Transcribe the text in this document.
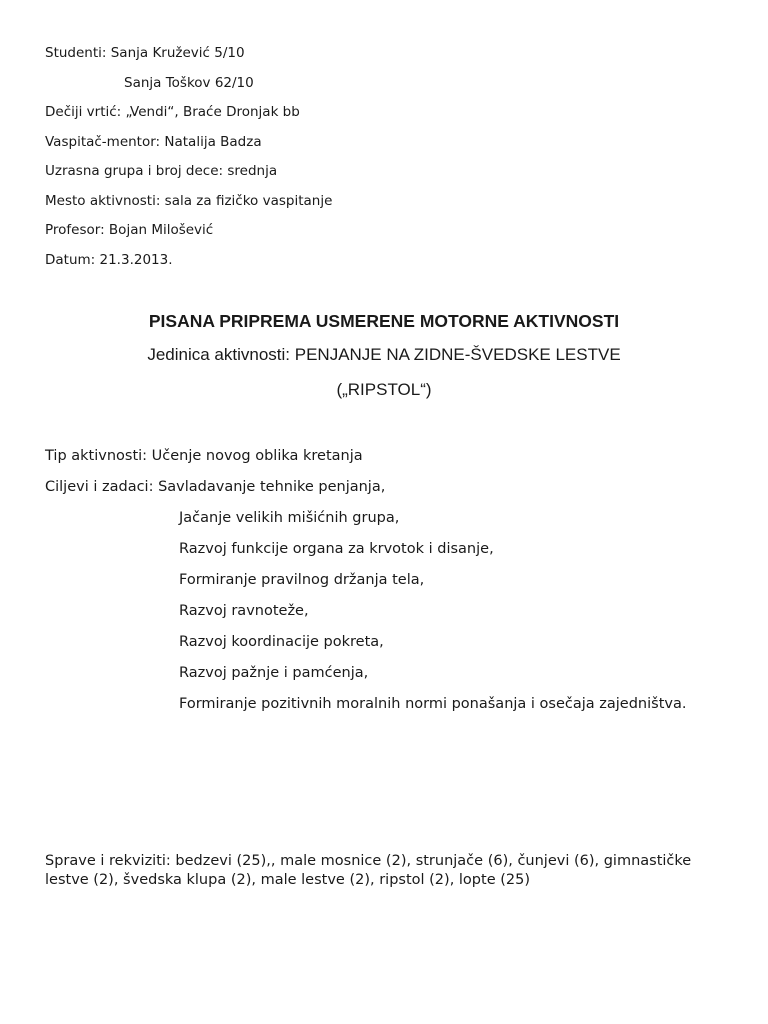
Studenti: Sanja Kružević 5/10
Sanja Toškov 62/10
Dečiji vrtić: „Vendi“, Braće Dronjak bb
Vaspitač-mentor: Natalija Badza
Uzrasna grupa i broj dece: srednja
Mesto aktivnosti: sala za fizičko vaspitanje
Profesor: Bojan Milošević
Datum: 21.3.2013.
PISANA PRIPREMA USMERENE MOTORNE AKTIVNOSTI
Jedinica aktivnosti: PENJANJE NA ZIDNE-ŠVEDSKE LESTVE
(„RIPSTOL“)
Tip aktivnosti: Učenje novog oblika kretanja
Ciljevi i zadaci: Savladavanje tehnike penjanja,
Jačanje velikih mišićnih grupa,
Razvoj funkcije organa za krvotok i disanje,
Formiranje pravilnog držanja tela,
Razvoj ravnoteže,
Razvoj koordinacije pokreta,
Razvoj pažnje i pamćenja,
Formiranje pozitivnih moralnih normi ponašanja i osečaja zajedništva.
Sprave i rekviziti: bedzevi (25),, male mosnice (2), strunjače (6), čunjevi (6), gimnastičke lestve (2), švedska klupa (2), male lestve (2), ripstol (2), lopte (25)
